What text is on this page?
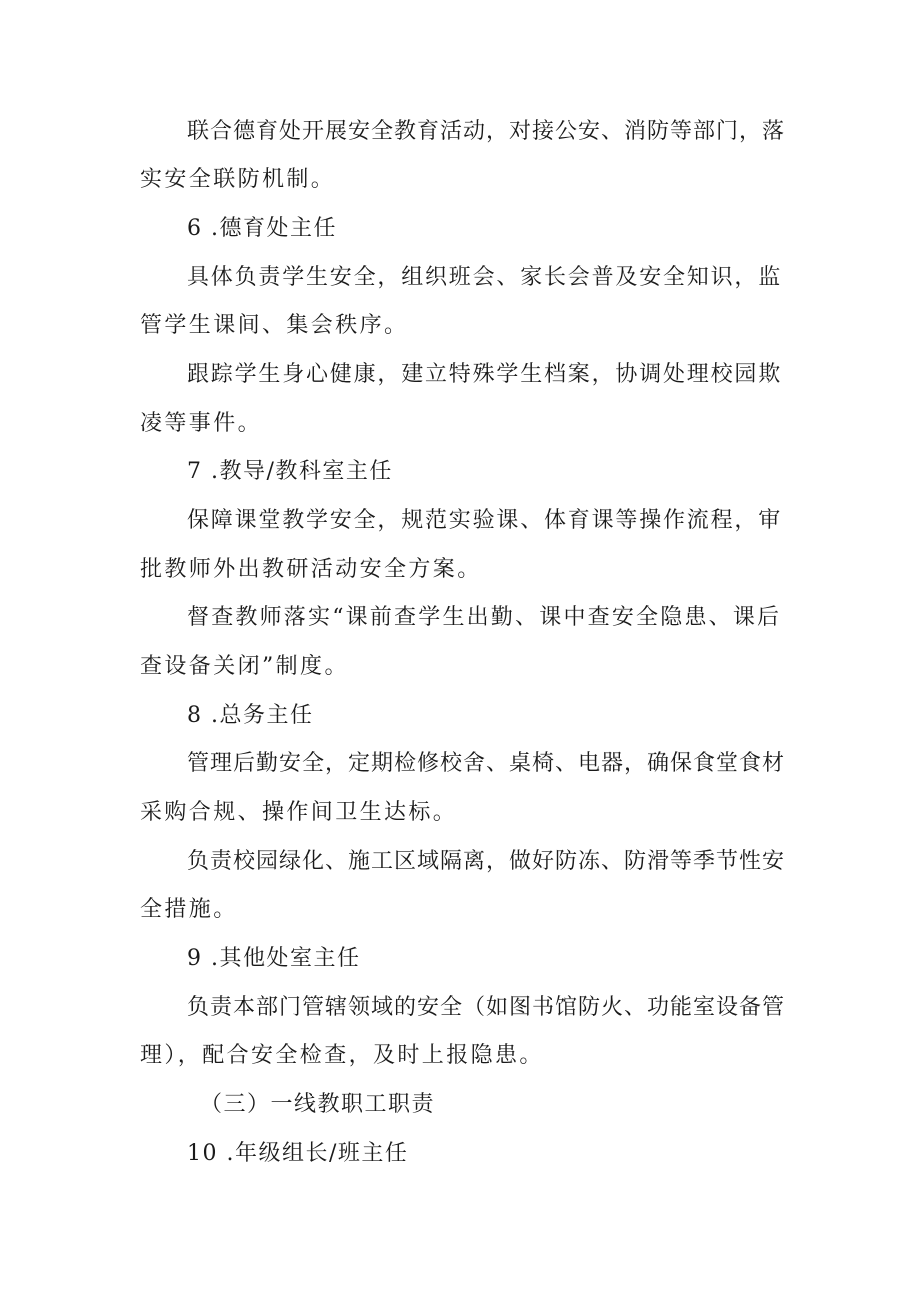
联合德育处开展安全教育活动，对接公安、消防等部门，落
实安全联防机制。
6 .德育处主任
具体负责学生安全，组织班会、家长会普及安全知识，监
管学生课间、集会秩序。
跟踪学生身心健康，建立特殊学生档案，协调处理校园欺
凌等事件。
7 .教导/教科室主任
保障课堂教学安全，规范实验课、体育课等操作流程，审
批教师外出教研活动安全方案。
督查教师落实“课前查学生出勤、课中查安全隐患、课后
查设备关闭”制度。
8 .总务主任
管理后勤安全，定期检修校舍、桌椅、电器，确保食堂食材
采购合规、操作间卫生达标。
负责校园绿化、施工区域隔离，做好防冻、防滑等季节性安
全措施。
9 .其他处室主任
负责本部门管辖领域的安全（如图书馆防火、功能室设备管
理），配合安全检查，及时上报隐患。
（三）一线教职工职责
10 .年级组长/班主任
